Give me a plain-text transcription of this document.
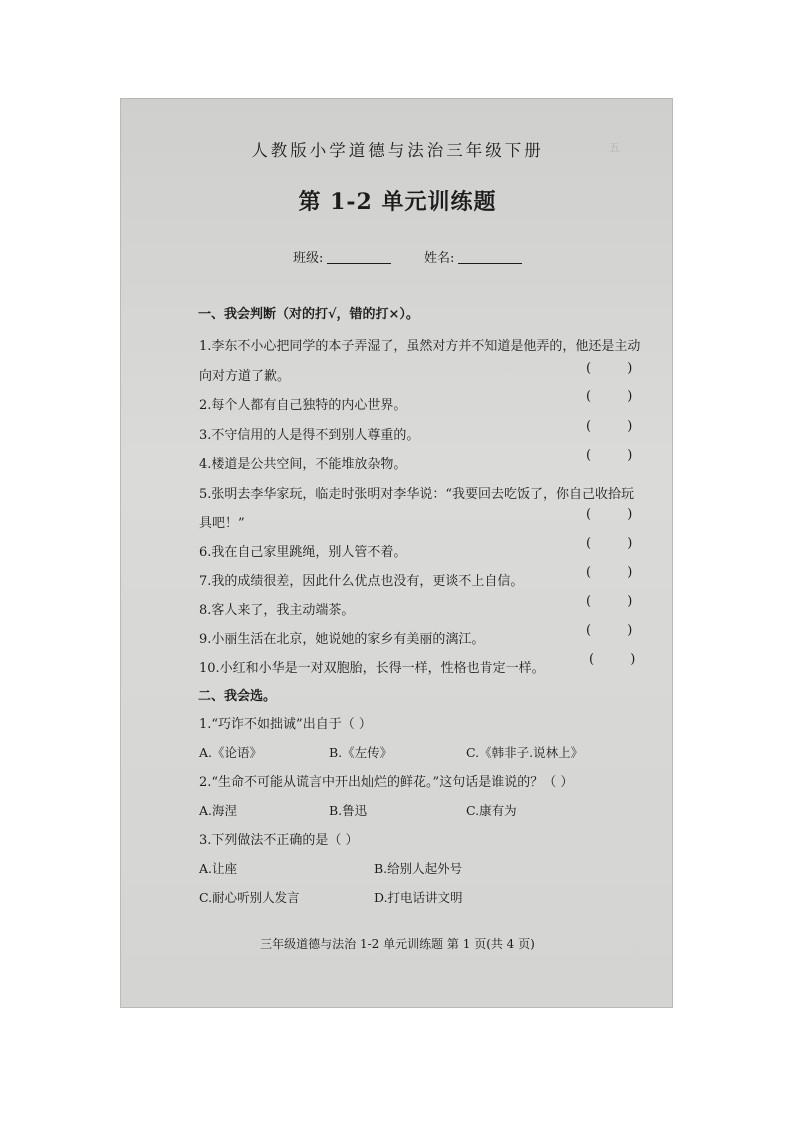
五
人教版小学道德与法治三年级下册
第 1-2 单元训练题
班级:	姓名:
一、我会判断（对的打√，错的打×）。
1.李东不小心把同学的本子弄湿了，虽然对方并不知道是他弄的，他还是主动
向对方道了歉。
( )
2.每个人都有自己独特的内心世界。
( )
3.不守信用的人是得不到别人尊重的。
( )
4.楼道是公共空间，不能堆放杂物。
( )
5.张明去李华家玩，临走时张明对李华说：“我要回去吃饭了，你自己收拾玩
具吧！”
( )
6.我在自己家里跳绳，别人管不着。
( )
7.我的成绩很差，因此什么优点也没有，更谈不上自信。
( )
8.客人来了，我主动端茶。
( )
9.小丽生活在北京，她说她的家乡有美丽的漓江。
( )
10.小红和小华是一对双胞胎，长得一样，性格也肯定一样。
( )
二、我会选。
1.“巧诈不如拙诚”出自于（ ）
A.《论语》	B.《左传》	C.《韩非子.说林上》
2.“生命不可能从谎言中开出灿烂的鲜花。”这句话是谁说的？（ ）
A.海涅	B.鲁迅	C.康有为
3.下列做法不正确的是（ ）
A.让座	B.给别人起外号
C.耐心听别人发言	D.打电话讲文明
三年级道德与法治 1-2 单元训练题 第 1 页(共 4 页)
